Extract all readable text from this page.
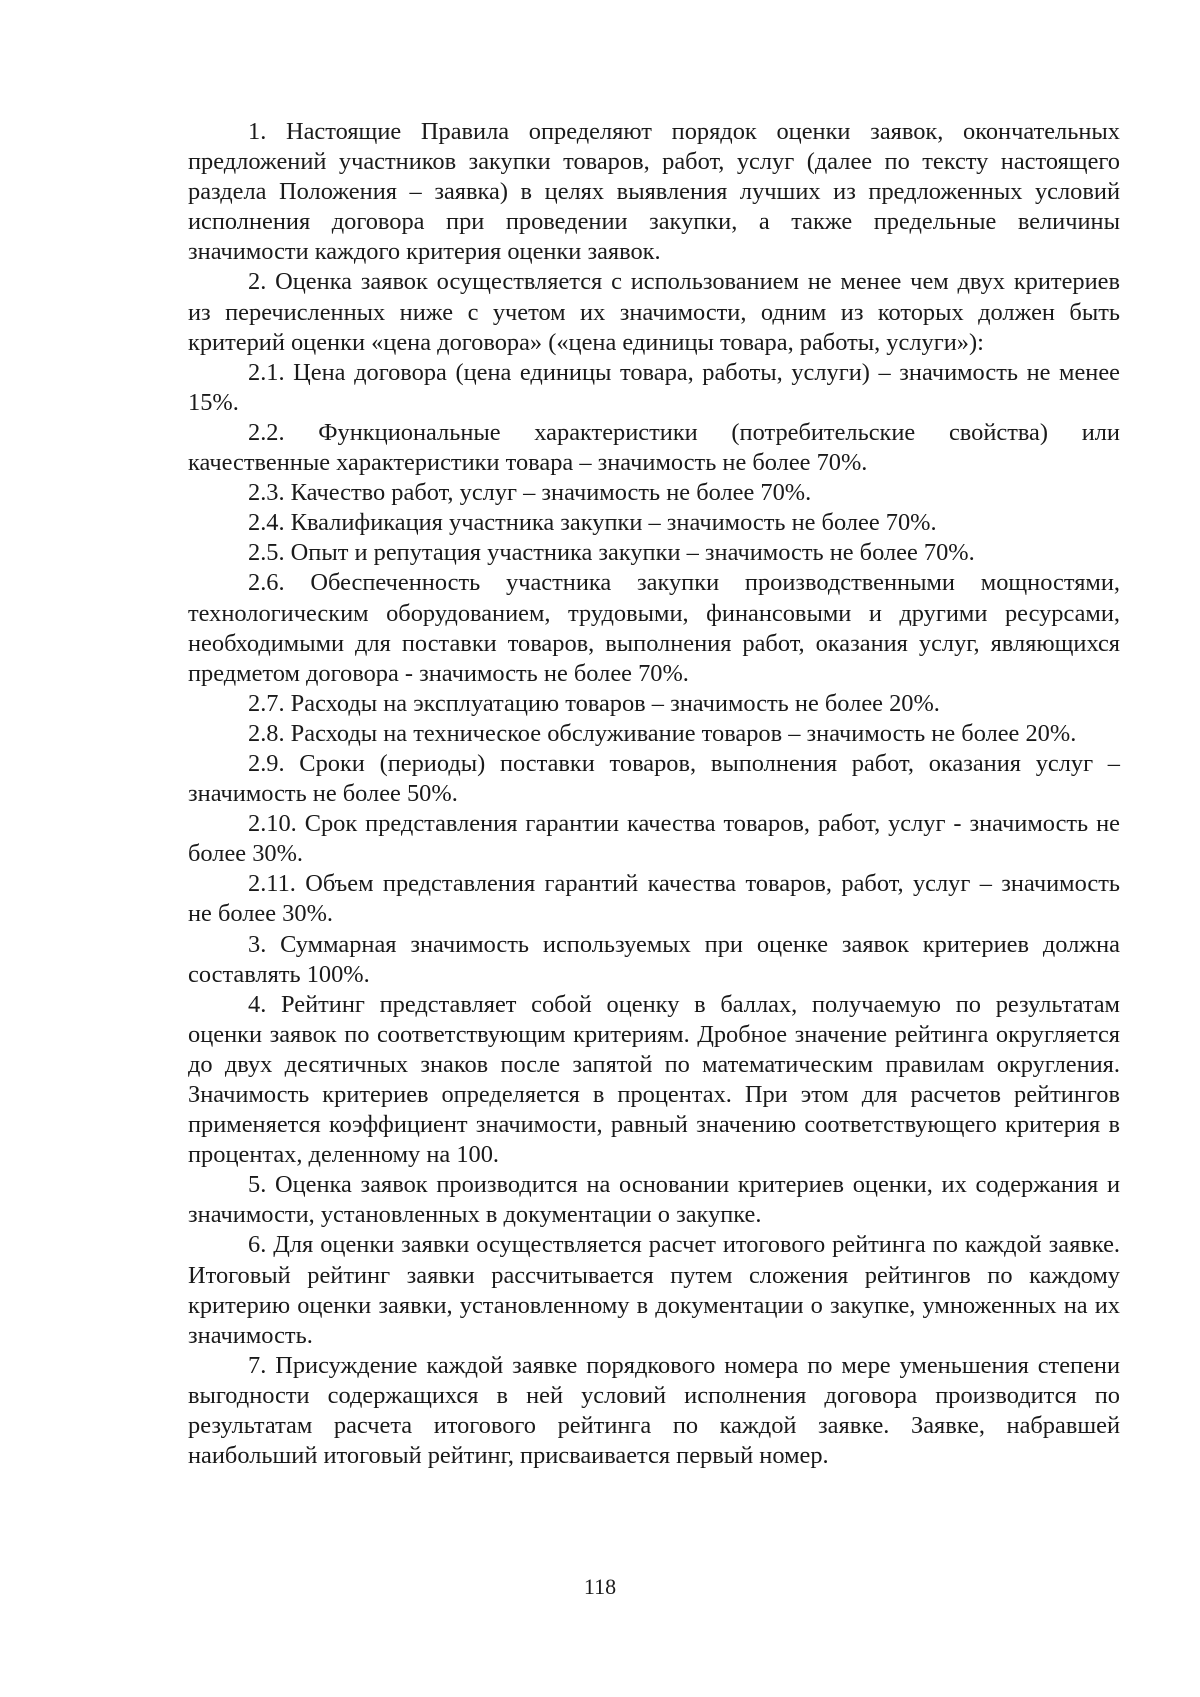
1. Настоящие Правила определяют порядок оценки заявок, окончательных предложений участников закупки товаров, работ, услуг (далее по тексту настоящего раздела Положения – заявка) в целях выявления лучших из предложенных условий исполнения договора при проведении закупки, а также предельные величины значимости каждого критерия оценки заявок.

2. Оценка заявок осуществляется с использованием не менее чем двух критериев из перечисленных ниже с учетом их значимости, одним из которых должен быть критерий оценки «цена договора» («цена единицы товара, работы, услуги»):

2.1. Цена договора (цена единицы товара, работы, услуги) – значимость не менее 15%.

2.2. Функциональные характеристики (потребительские свойства) или качественные характеристики товара – значимость не более 70%.

2.3. Качество работ, услуг – значимость не более 70%.

2.4. Квалификация участника закупки – значимость не более 70%.

2.5. Опыт и репутация участника закупки – значимость не более 70%.

2.6. Обеспеченность участника закупки производственными мощностями, технологическим оборудованием, трудовыми, финансовыми и другими ресурсами, необходимыми для поставки товаров, выполнения работ, оказания услуг, являющихся предметом договора - значимость не более 70%.

2.7. Расходы на эксплуатацию товаров – значимость не более 20%.

2.8. Расходы на техническое обслуживание товаров – значимость не более 20%.

2.9. Сроки (периоды) поставки товаров, выполнения работ, оказания услуг – значимость не более 50%.

2.10. Срок представления гарантии качества товаров, работ, услуг - значимость не более 30%.

2.11. Объем представления гарантий качества товаров, работ, услуг – значимость не более 30%.

3. Суммарная значимость используемых при оценке заявок критериев должна составлять 100%.

4. Рейтинг представляет собой оценку в баллах, получаемую по результатам оценки заявок по соответствующим критериям. Дробное значение рейтинга округляется до двух десятичных знаков после запятой по математическим правилам округления. Значимость критериев определяется в процентах. При этом для расчетов рейтингов применяется коэффициент значимости, равный значению соответствующего критерия в процентах, деленному на 100.

5. Оценка заявок производится на основании критериев оценки, их содержания и значимости, установленных в документации о закупке.

6. Для оценки заявки осуществляется расчет итогового рейтинга по каждой заявке. Итоговый рейтинг заявки рассчитывается путем сложения рейтингов по каждому критерию оценки заявки, установленному в документации о закупке, умноженных на их значимость.

7. Присуждение каждой заявке порядкового номера по мере уменьшения степени выгодности содержащихся в ней условий исполнения договора производится по результатам расчета итогового рейтинга по каждой заявке. Заявке, набравшей наибольший итоговый рейтинг, присваивается первый номер.

118
